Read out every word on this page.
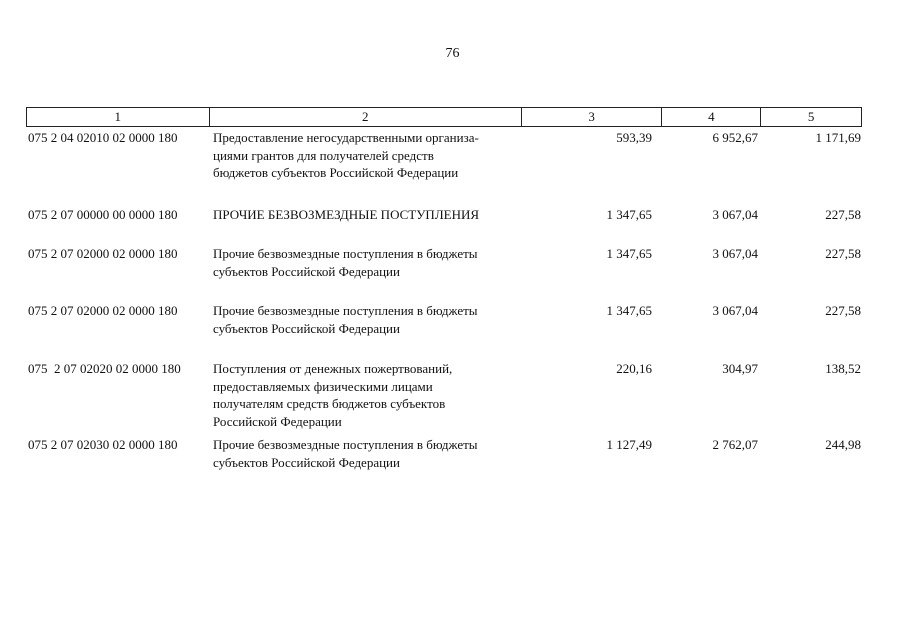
76
1	2	3	4	5
075 2 04 02010 02 0000 180	Предоставление негосударственными организа-
циями грантов для получателей средств
бюджетов субъектов Российской Федерации
593,39	6 952,67	1 171,69
075 2 07 00000 00 0000 180	ПРОЧИЕ БЕЗВОЗМЕЗДНЫЕ ПОСТУПЛЕНИЯ	1 347,65	3 067,04	227,58
075 2 07 02000 02 0000 180	Прочие безвозмездные поступления в бюджеты
субъектов Российской Федерации
1 347,65	3 067,04	227,58
075 2 07 02000 02 0000 180	Прочие безвозмездные поступления в бюджеты
субъектов Российской Федерации
1 347,65	3 067,04	227,58
075  2 07 02020 02 0000 180	Поступления от денежных пожертвований,
предоставляемых физическими лицами
получателям средств бюджетов субъектов
Российской Федерации
220,16	304,97	138,52
075 2 07 02030 02 0000 180	Прочие безвозмездные поступления в бюджеты
субъектов Российской Федерации
1 127,49	2 762,07	244,98
